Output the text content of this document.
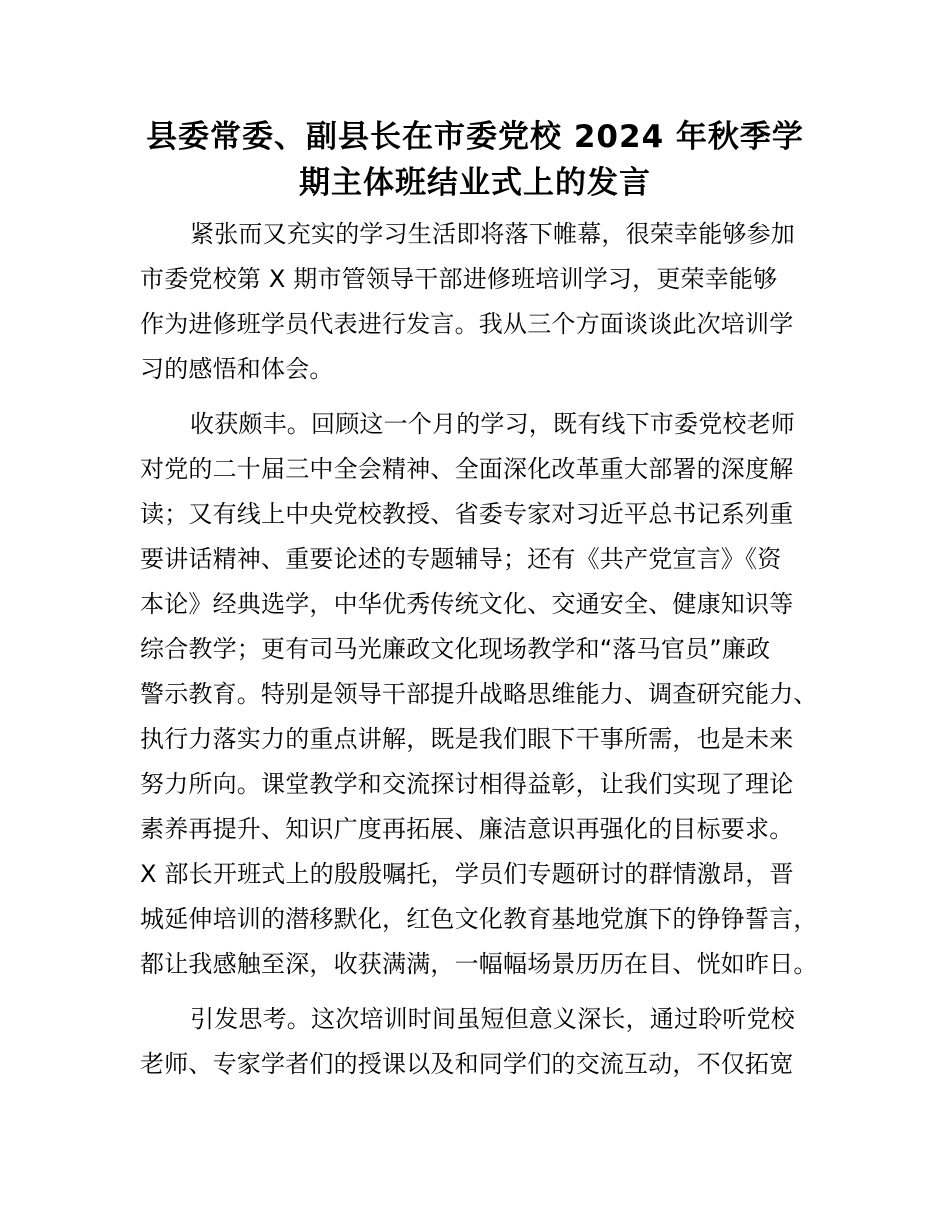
县委常委、副县长在市委党校 2024 年秋季学
期主体班结业式上的发言
紧张而又充实的学习生活即将落下帷幕，很荣幸能够参加
市委党校第 X 期市管领导干部进修班培训学习，更荣幸能够
作为进修班学员代表进行发言。我从三个方面谈谈此次培训学
习的感悟和体会。
收获颇丰。回顾这一个月的学习，既有线下市委党校老师
对党的二十届三中全会精神、全面深化改革重大部署的深度解
读；又有线上中央党校教授、省委专家对习近平总书记系列重
要讲话精神、重要论述的专题辅导；还有《共产党宣言》《资
本论》经典选学，中华优秀传统文化、交通安全、健康知识等
综合教学；更有司马光廉政文化现场教学和“落马官员”廉政
警示教育。特别是领导干部提升战略思维能力、调查研究能力、
执行力落实力的重点讲解，既是我们眼下干事所需，也是未来
努力所向。课堂教学和交流探讨相得益彰，让我们实现了理论
素养再提升、知识广度再拓展、廉洁意识再强化的目标要求。
X 部长开班式上的殷殷嘱托，学员们专题研讨的群情激昂，晋
城延伸培训的潜移默化，红色文化教育基地党旗下的铮铮誓言，
都让我感触至深，收获满满，一幅幅场景历历在目、恍如昨日。
引发思考。这次培训时间虽短但意义深长，通过聆听党校
老师、专家学者们的授课以及和同学们的交流互动，不仅拓宽
